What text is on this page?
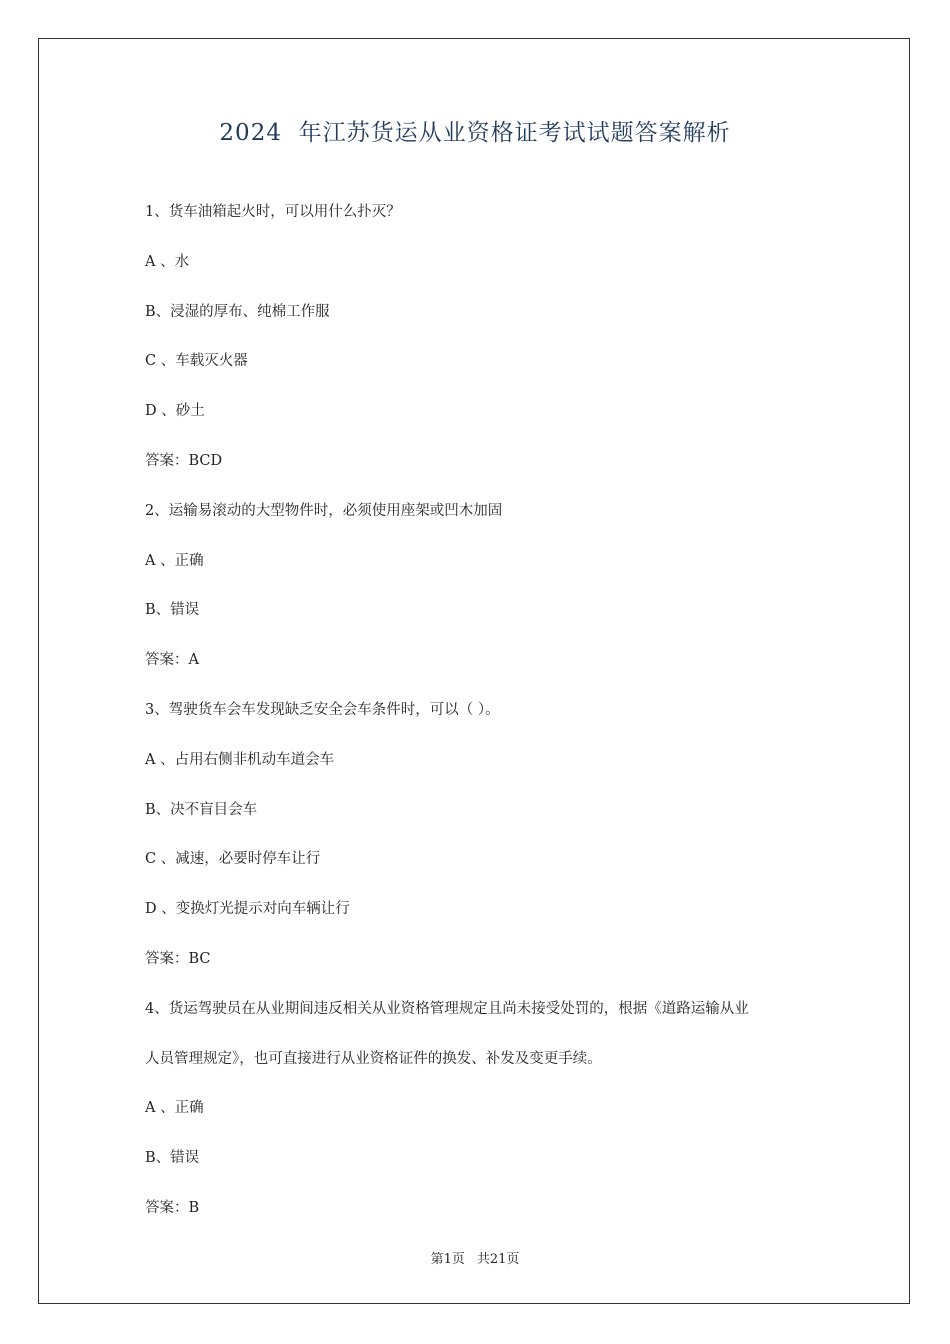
2024  年江苏货运从业资格证考试试题答案解析
1、货车油箱起火时，可以用什么扑灭？
A 、水
B、浸湿的厚布、纯棉工作服
C 、车载灭火器
D 、砂土
答案：BCD
2、运输易滚动的大型物件时，必须使用座架或凹木加固
A 、正确
B、错误
答案：A
3、驾驶货车会车发现缺乏安全会车条件时，可以（ ）。
A 、占用右侧非机动车道会车
B、决不盲目会车
C 、减速，必要时停车让行
D 、变换灯光提示对向车辆让行
答案：BC
4、货运驾驶员在从业期间违反相关从业资格管理规定且尚未接受处罚的，根据《道路运输从业
人员管理规定》，也可直接进行从业资格证件的换发、补发及变更手续。
A 、正确
B、错误
答案：B
第1页 共21页
